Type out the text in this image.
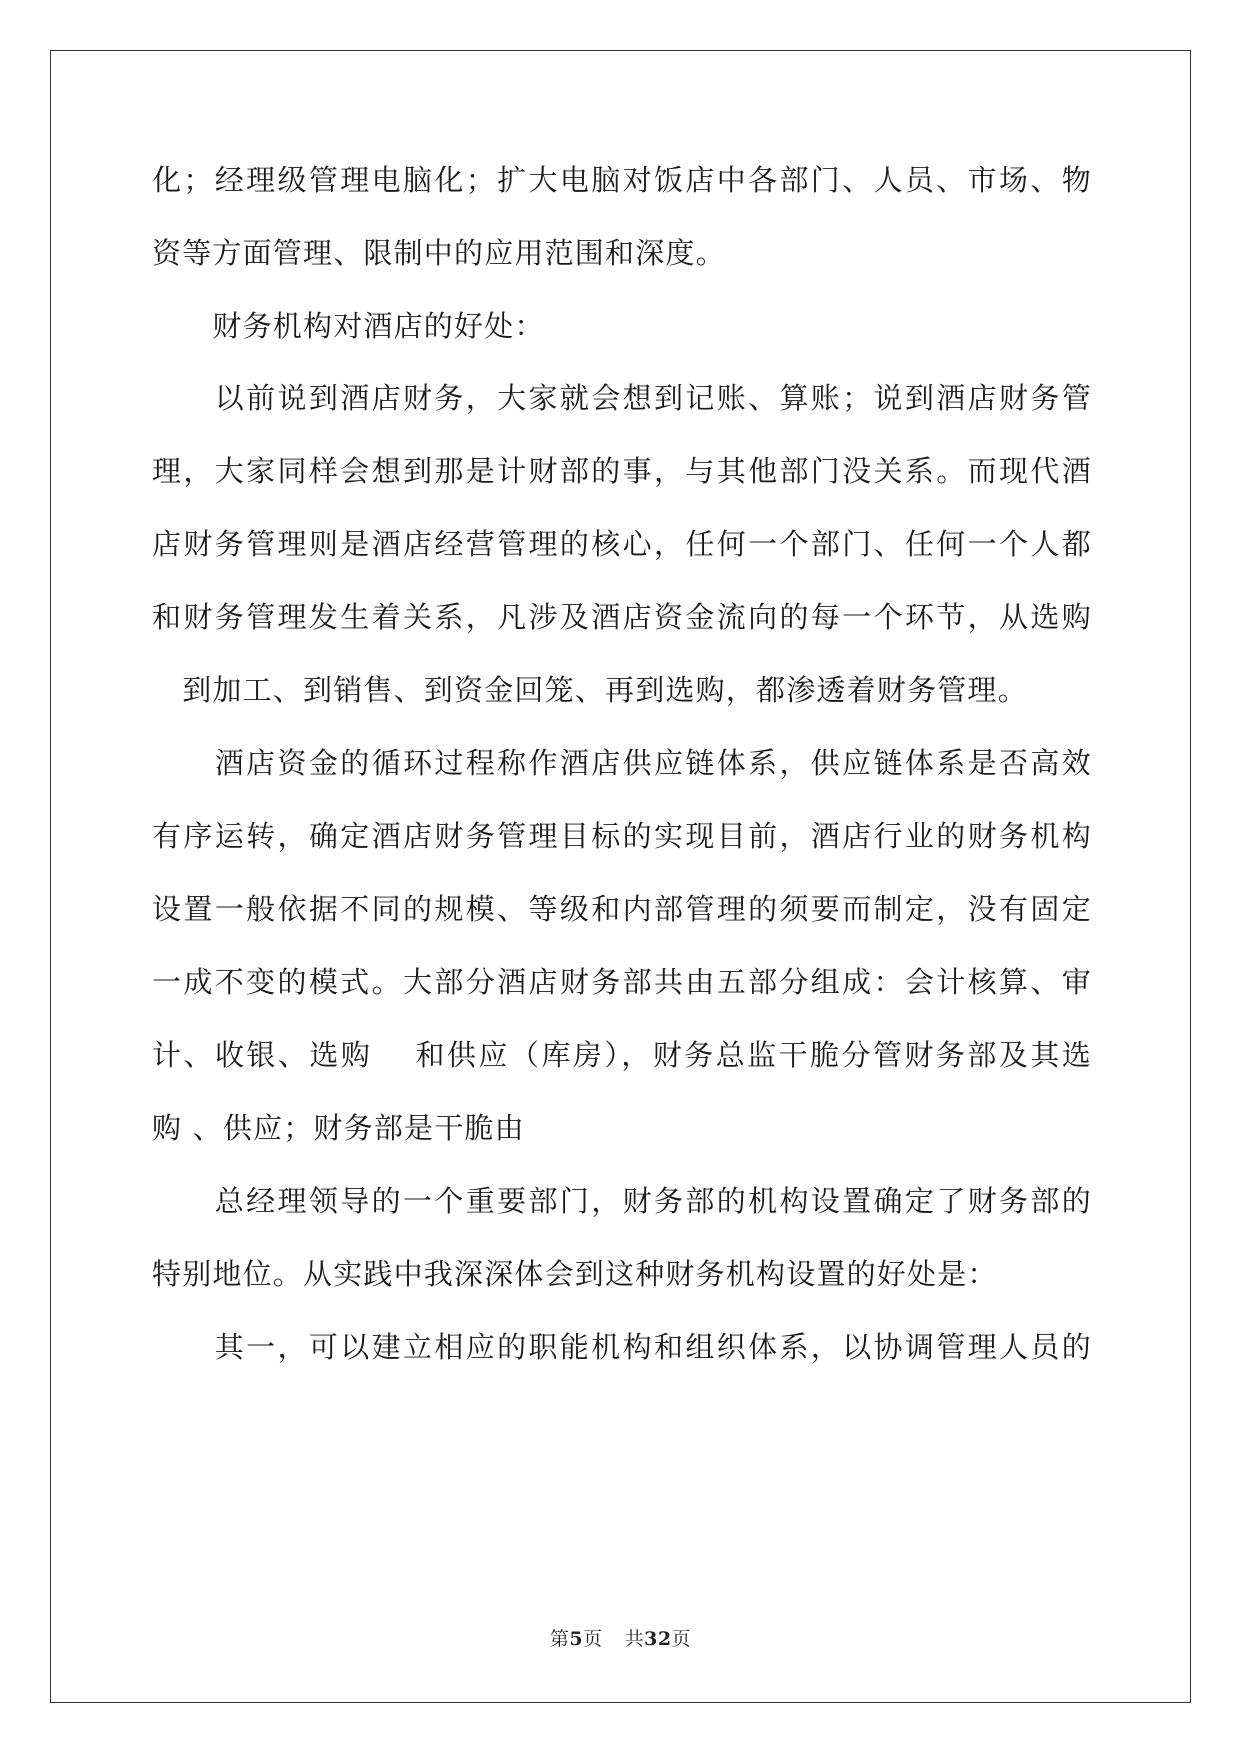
化；经理级管理电脑化；扩大电脑对饭店中各部门、人员、市场、物
资等方面管理、限制中的应用范围和深度。
　　财务机构对酒店的好处：
　　以前说到酒店财务，大家就会想到记账、算账；说到酒店财务管
理，大家同样会想到那是计财部的事，与其他部门没关系。而现代酒
店财务管理则是酒店经营管理的核心，任何一个部门、任何一个人都
和财务管理发生着关系，凡涉及酒店资金流向的每一个环节，从选购
　到加工、到销售、到资金回笼、再到选购，都渗透着财务管理。
　　酒店资金的循环过程称作酒店供应链体系，供应链体系是否高效
有序运转，确定酒店财务管理目标的实现目前，酒店行业的财务机构
设置一般依据不同的规模、等级和内部管理的须要而制定，没有固定
一成不变的模式。大部分酒店财务部共由五部分组成：会计核算、审
计、收银、选购　 和供应（库房），财务总监干脆分管财务部及其选
购 、供应；财务部是干脆由
　　总经理领导的一个重要部门，财务部的机构设置确定了财务部的
特别地位。从实践中我深深体会到这种财务机构设置的好处是：
　　其一，可以建立相应的职能机构和组织体系，以协调管理人员的
第5页 共32页
